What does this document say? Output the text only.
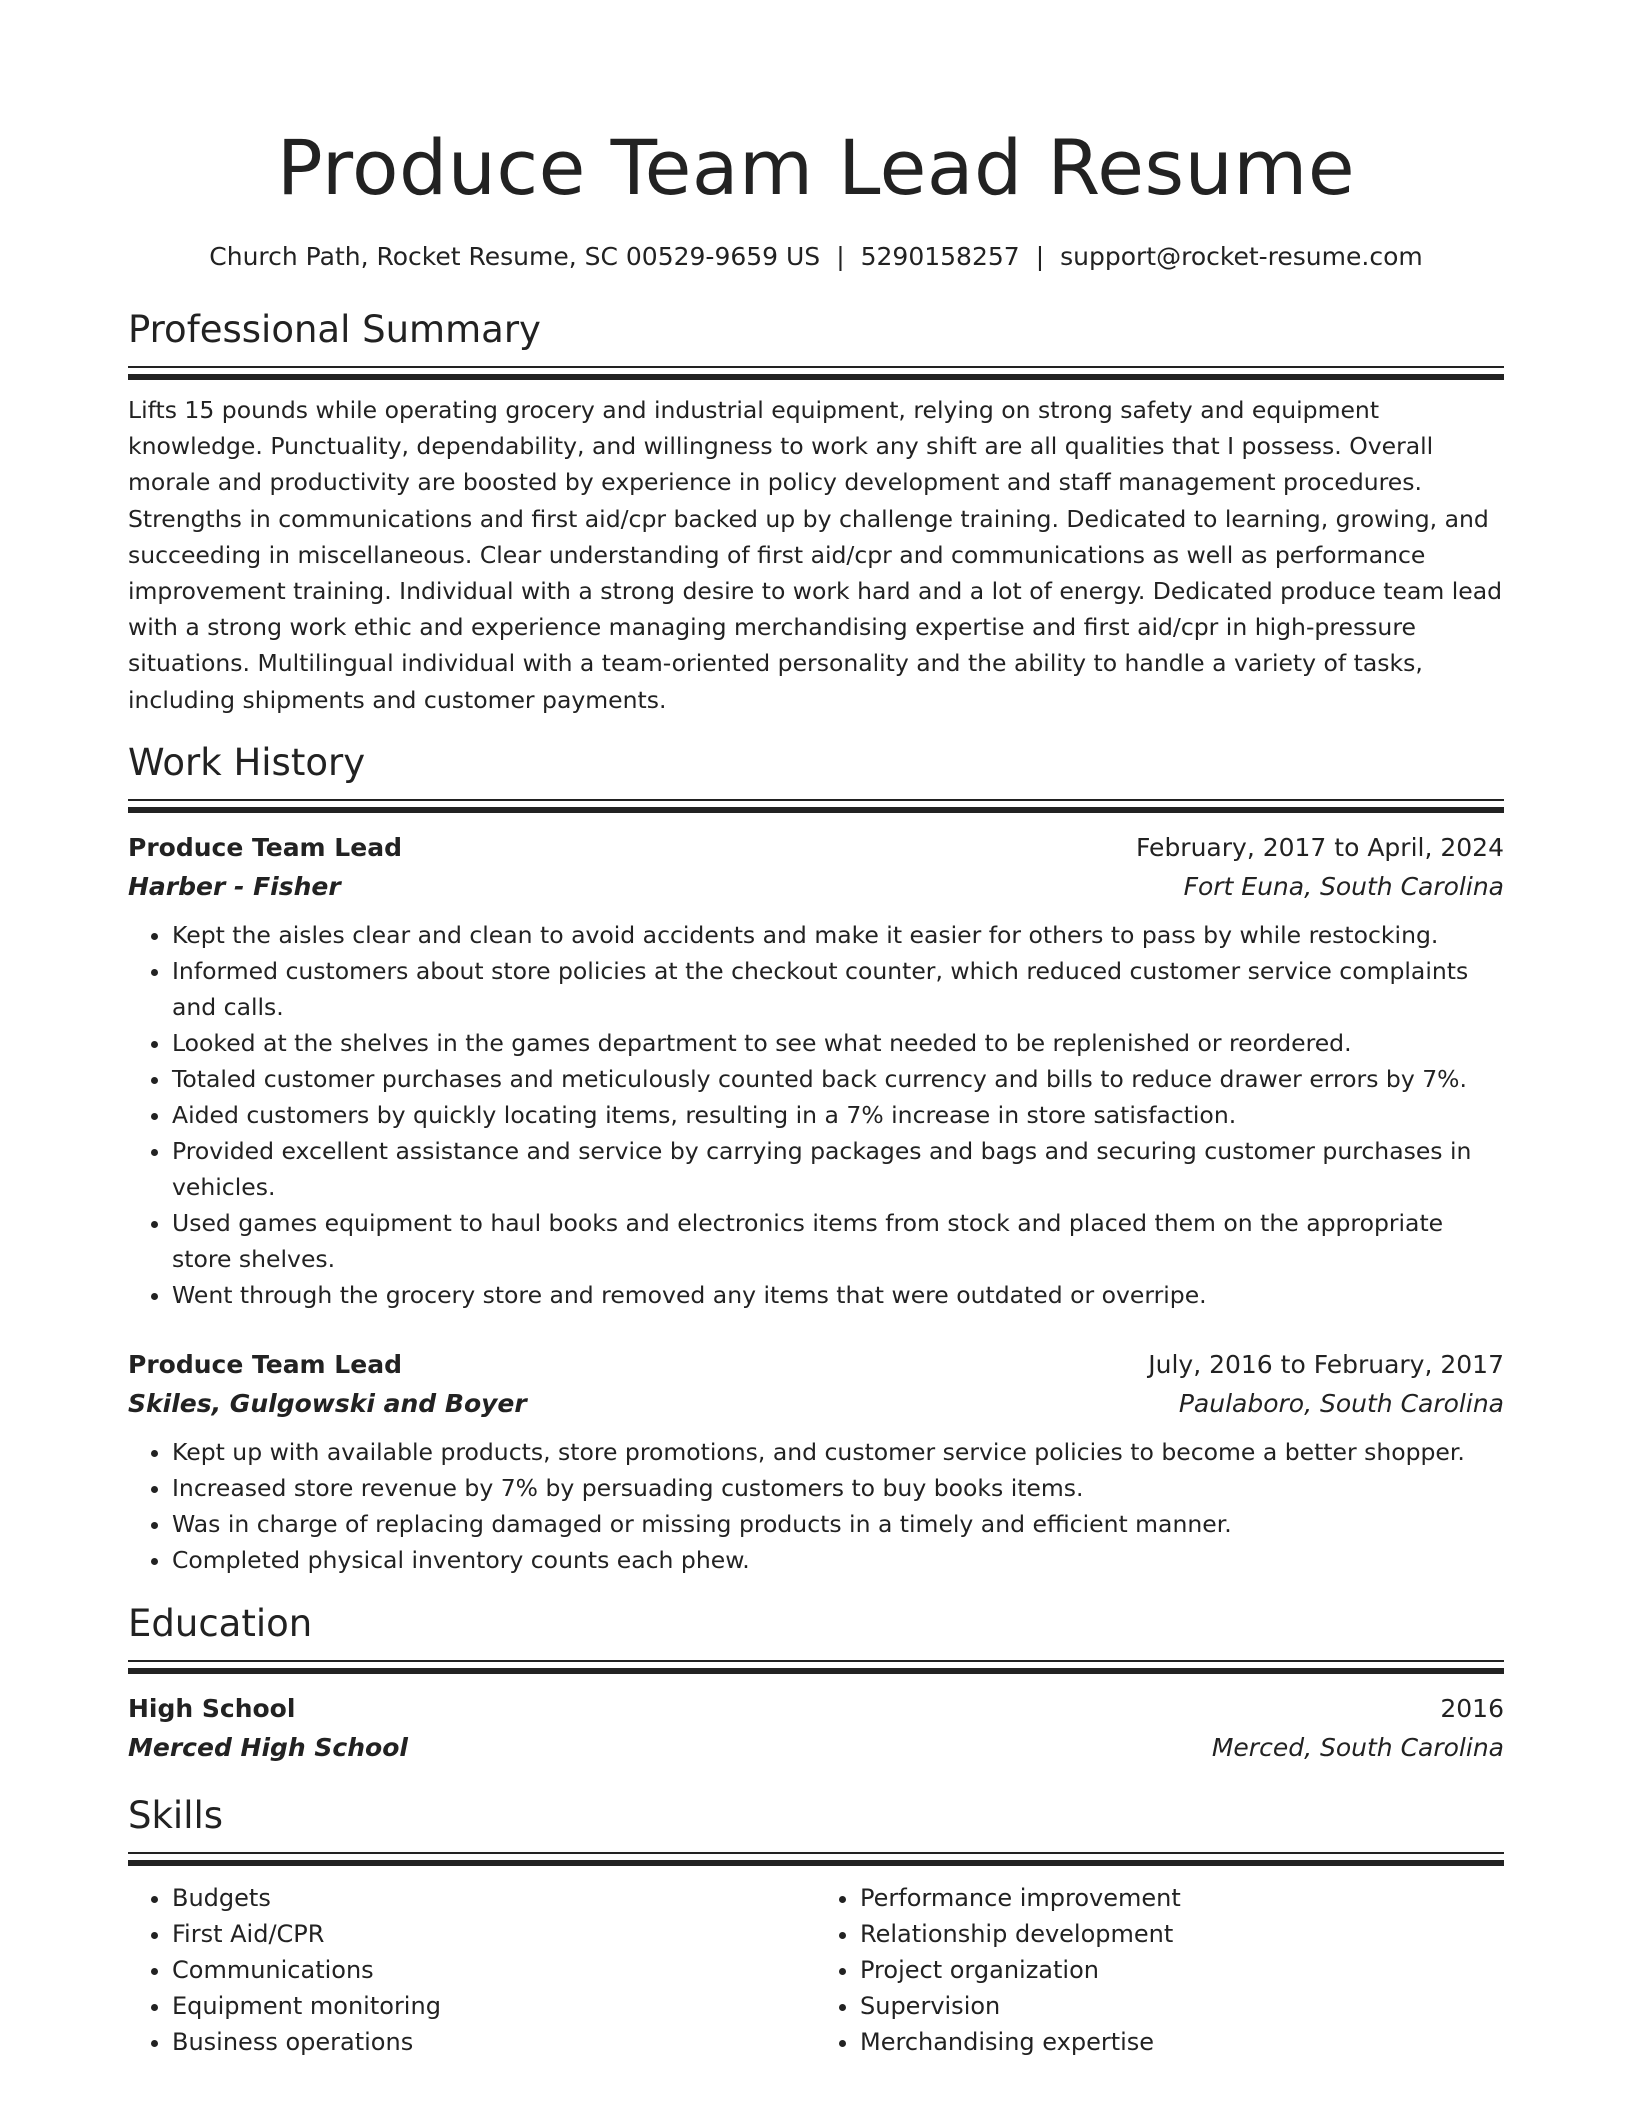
Produce Team Lead Resume
Church Path, Rocket Resume, SC 00529-9659 US | 5290158257 | support@rocket-resume.com
Professional Summary
Lifts 15 pounds while operating grocery and industrial equipment, relying on strong safety and equipment knowledge. Punctuality, dependability, and willingness to work any shift are all qualities that I possess. Overall morale and productivity are boosted by experience in policy development and staff management procedures. Strengths in communications and first aid/cpr backed up by challenge training. Dedicated to learning, growing, and succeeding in miscellaneous. Clear understanding of first aid/cpr and communications as well as performance improvement training. Individual with a strong desire to work hard and a lot of energy. Dedicated produce team lead with a strong work ethic and experience managing merchandising expertise and first aid/cpr in high-pressure situations. Multilingual individual with a team-oriented personality and the ability to handle a variety of tasks, including shipments and customer payments.
Work History
Produce Team Lead	February, 2017 to April, 2024
Harber - Fisher	Fort Euna, South Carolina
• Kept the aisles clear and clean to avoid accidents and make it easier for others to pass by while restocking.
• Informed customers about store policies at the checkout counter, which reduced customer service complaints and calls.
• Looked at the shelves in the games department to see what needed to be replenished or reordered.
• Totaled customer purchases and meticulously counted back currency and bills to reduce drawer errors by 7%.
• Aided customers by quickly locating items, resulting in a 7% increase in store satisfaction.
• Provided excellent assistance and service by carrying packages and bags and securing customer purchases in vehicles.
• Used games equipment to haul books and electronics items from stock and placed them on the appropriate store shelves.
• Went through the grocery store and removed any items that were outdated or overripe.
Produce Team Lead	July, 2016 to February, 2017
Skiles, Gulgowski and Boyer	Paulaboro, South Carolina
• Kept up with available products, store promotions, and customer service policies to become a better shopper.
• Increased store revenue by 7% by persuading customers to buy books items.
• Was in charge of replacing damaged or missing products in a timely and efficient manner.
• Completed physical inventory counts each phew.
Education
High School	2016
Merced High School	Merced, South Carolina
Skills
• Budgets
• First Aid/CPR
• Communications
• Equipment monitoring
• Business operations
• Performance improvement
• Relationship development
• Project organization
• Supervision
• Merchandising expertise
